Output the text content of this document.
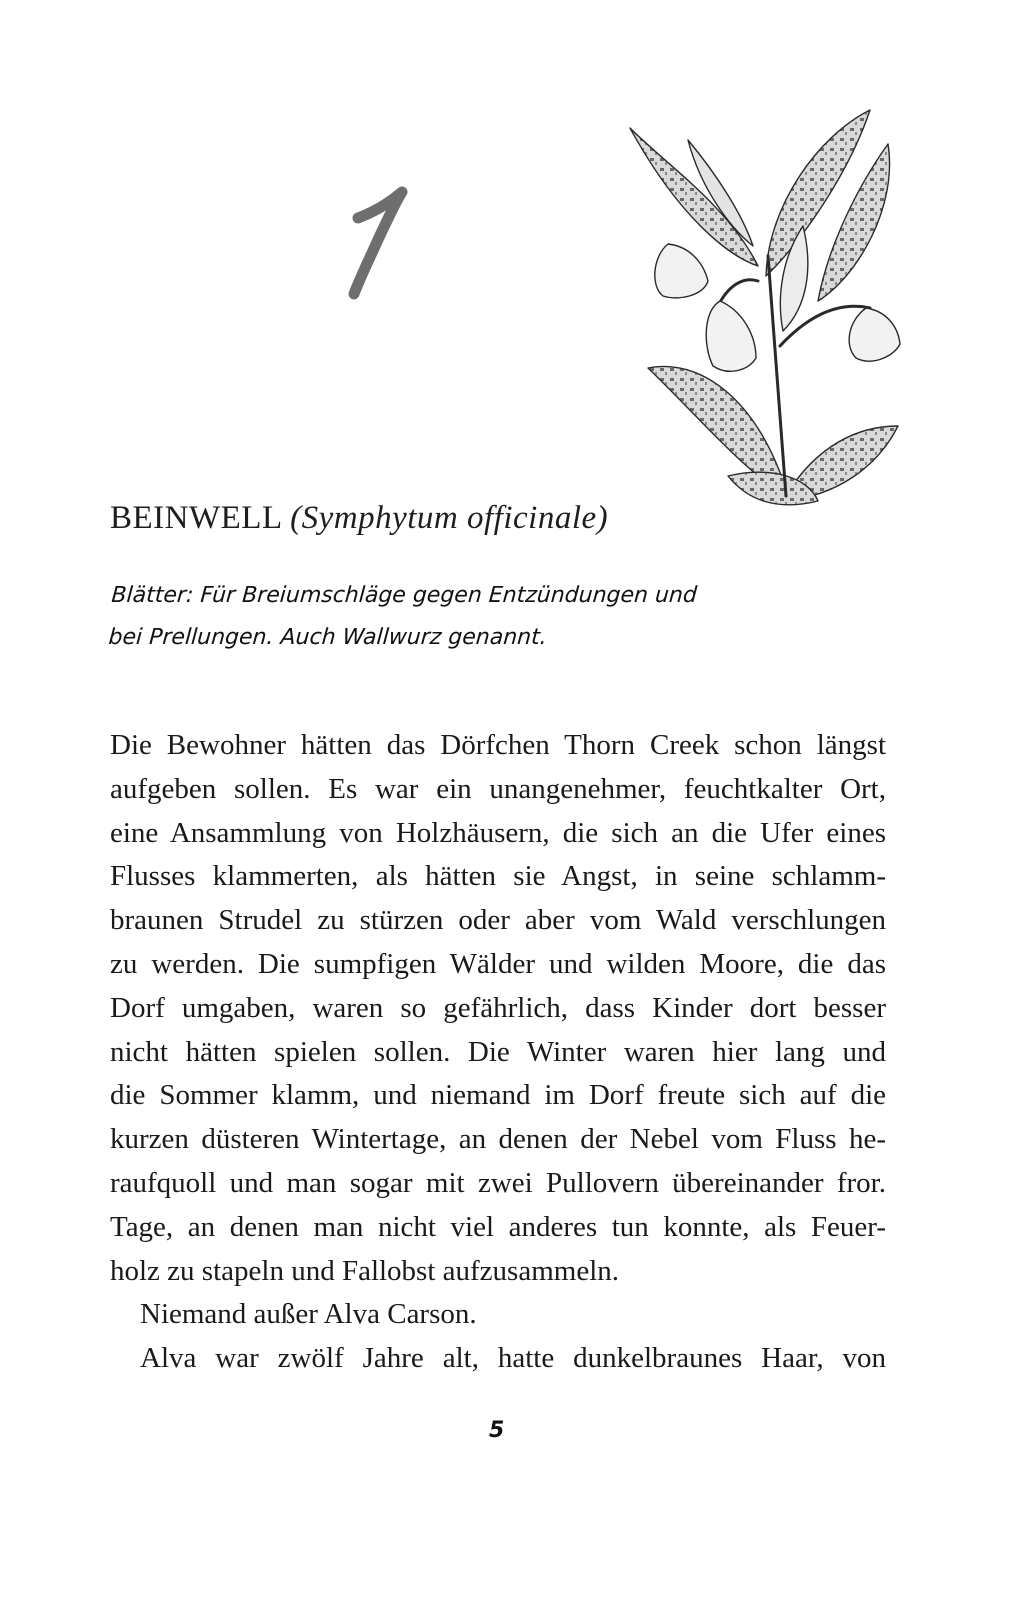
BEINWELL (Symphytum officinale)
Blätter: Für Breiumschläge gegen Entzündungen und
bei Prellungen. Auch Wallwurz genannt.
Die Bewohner hätten das Dörfchen Thorn Creek schon längst
aufgeben sollen. Es war ein unangenehmer, feuchtkalter Ort,
eine Ansammlung von Holzhäusern, die sich an die Ufer eines
Flusses klammerten, als hätten sie Angst, in seine schlamm-
braunen Strudel zu stürzen oder aber vom Wald verschlungen
zu werden. Die sumpfigen Wälder und wilden Moore, die das
Dorf umgaben, waren so gefährlich, dass Kinder dort besser
nicht hätten spielen sollen. Die Winter waren hier lang und
die Sommer klamm, und niemand im Dorf freute sich auf die
kurzen düsteren Wintertage, an denen der Nebel vom Fluss he-
raufquoll und man sogar mit zwei Pullovern übereinander fror.
Tage, an denen man nicht viel anderes tun konnte, als Feuer-
holz zu stapeln und Fallobst aufzusammeln.
Niemand außer Alva Carson.
Alva war zwölf Jahre alt, hatte dunkelbraunes Haar, von
5
